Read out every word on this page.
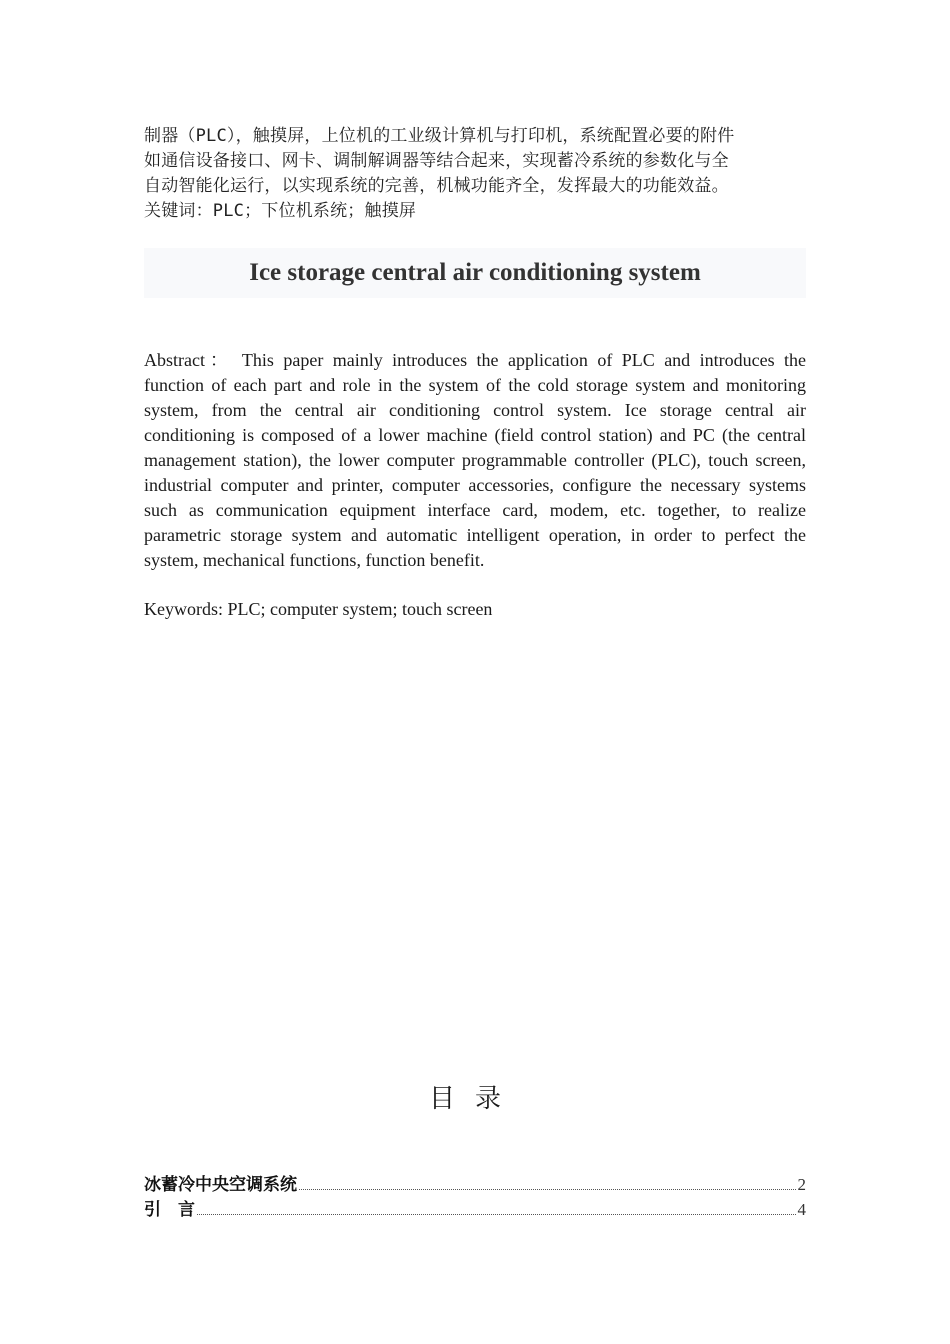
制器（PLC），触摸屏，上位机的工业级计算机与打印机，系统配置必要的附件

如通信设备接口、网卡、调制解调器等结合起来，实现蓄冷系统的参数化与全

自动智能化运行，以实现系统的完善，机械功能齐全，发挥最大的功能效益。

关键词：PLC；下位机系统；触摸屏

Ice storage central air conditioning system

Abstract： This paper mainly introduces the application of PLC and introduces the function of each part and role in the system of the cold storage system and monitoring system, from the central air conditioning control system. Ice storage central air conditioning is composed of a lower machine (field control station) and PC (the central management station), the lower computer programmable controller (PLC), touch screen, industrial computer and printer, computer accessories, configure the necessary systems such as communication equipment interface card, modem, etc. together, to realize parametric storage system and automatic intelligent operation, in order to perfect the system, mechanical functions, function benefit.

Keywords: PLC; computer system; touch screen
目录
冰蓄冷中央空调系统	2
引　言	4
